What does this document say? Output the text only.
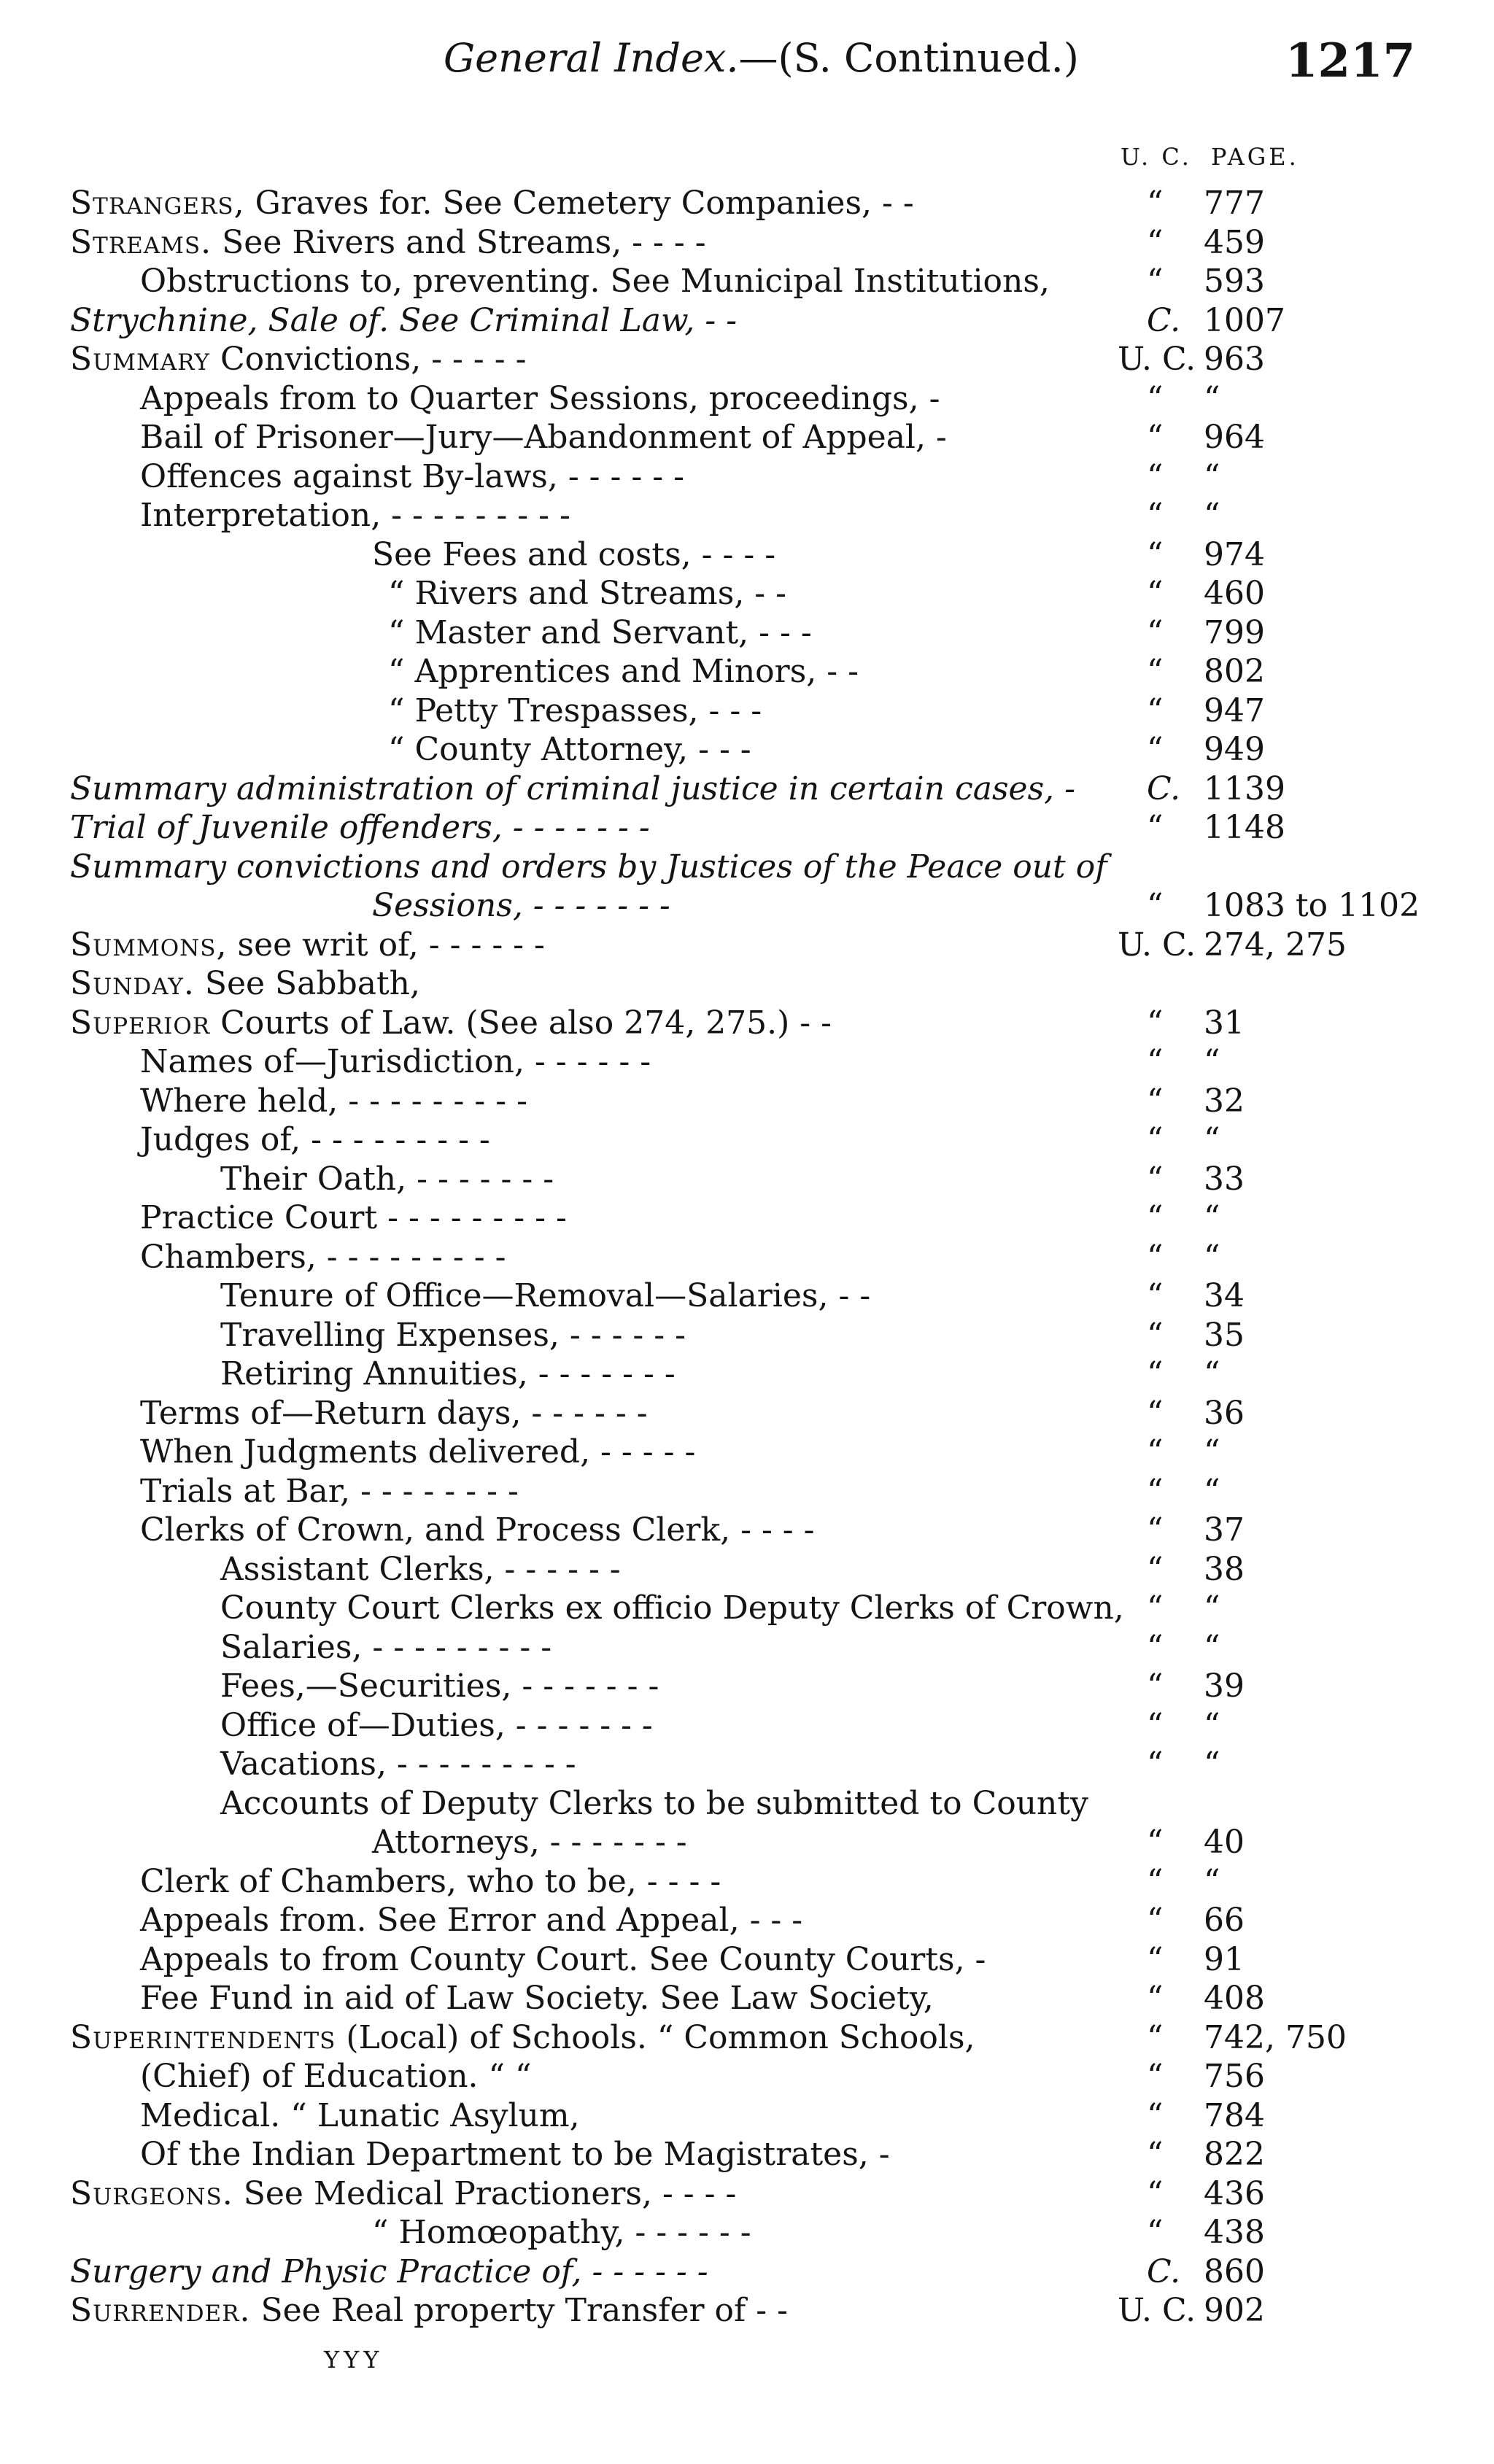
General Index.—(S. Continued.)	1217
U. C. PAGE.
Strangers, Graves for. See Cemetery Companies, - -	“ 777
Streams. See Rivers and Streams, - - - -	“ 459
Obstructions to, preventing. See Municipal Institutions,	“ 593
Strychnine, Sale of. See Criminal Law, - -	C. 1007
Summary Convictions, - - - - -	U. C. 963
Appeals from to Quarter Sessions, proceedings, -	“ “
Bail of Prisoner—Jury—Abandonment of Appeal, -	“ 964
Offences against By-laws, - - - - - -	“ “
Interpretation, - - - - - - - - -	“ “
See Fees and costs, - - - -	“ 974
“ Rivers and Streams, - -	“ 460
“ Master and Servant, - - -	“ 799
“ Apprentices and Minors, - -	“ 802
“ Petty Trespasses, - - -	“ 947
“ County Attorney, - - -	“ 949
Summary administration of criminal justice in certain cases, - C. 1139
Trial of Juvenile offenders, - - - - - - -	“ 1148
Summary convictions and orders by Justices of the Peace out of
Sessions, - - - - - - -	“ 1083 to 1102
Summons, see writ of, - - - - - -	U. C. 274, 275
Sunday. See Sabbath,
Superior Courts of Law. (See also 274, 275.) - -	“ 31
Names of—Jurisdiction, - - - - - -	“ “
Where held, - - - - - - - - -	“ 32
Judges of, - - - - - - - - -	“ “
Their Oath, - - - - - - -	“ 33
Practice Court - - - - - - - - -	“ “
Chambers, - - - - - - - - -	“ “
Tenure of Office—Removal—Salaries, - -	“ 34
Travelling Expenses, - - - - - -	“ 35
Retiring Annuities, - - - - - - -	“ “
Terms of—Return days, - - - - - -	“ 36
When Judgments delivered, - - - - -	“ “
Trials at Bar, - - - - - - - -	“ “
Clerks of Crown, and Process Clerk, - - - -	“ 37
Assistant Clerks, - - - - - -	“ 38
County Court Clerks ex officio Deputy Clerks of Crown, “ “
Salaries, - - - - - - - - -	“ “
Fees,—Securities, - - - - - - -	“ 39
Office of—Duties, - - - - - - -	“ “
Vacations, - - - - - - - - -	“ “
Accounts of Deputy Clerks to be submitted to County
Attorneys, - - - - - - -	“ 40
Clerk of Chambers, who to be, - - - -	“ “
Appeals from. See Error and Appeal, - - -	“ 66
Appeals to from County Court. See County Courts, -	“ 91
Fee Fund in aid of Law Society. See Law Society,	“ 408
Superintendents (Local) of Schools. “ Common Schools,	“ 742, 750
(Chief) of Education. “ “	“ 756
Medical. “ Lunatic Asylum,	“ 784
Of the Indian Department to be Magistrates, -	“ 822
Surgeons. See Medical Practioners, - - - -	“ 436
“ Homœopathy, - - - - - -	“ 438
Surgery and Physic Practice of, - - - - - -	C. 860
Surrender. See Real property Transfer of - -	U. C. 902
YYY
